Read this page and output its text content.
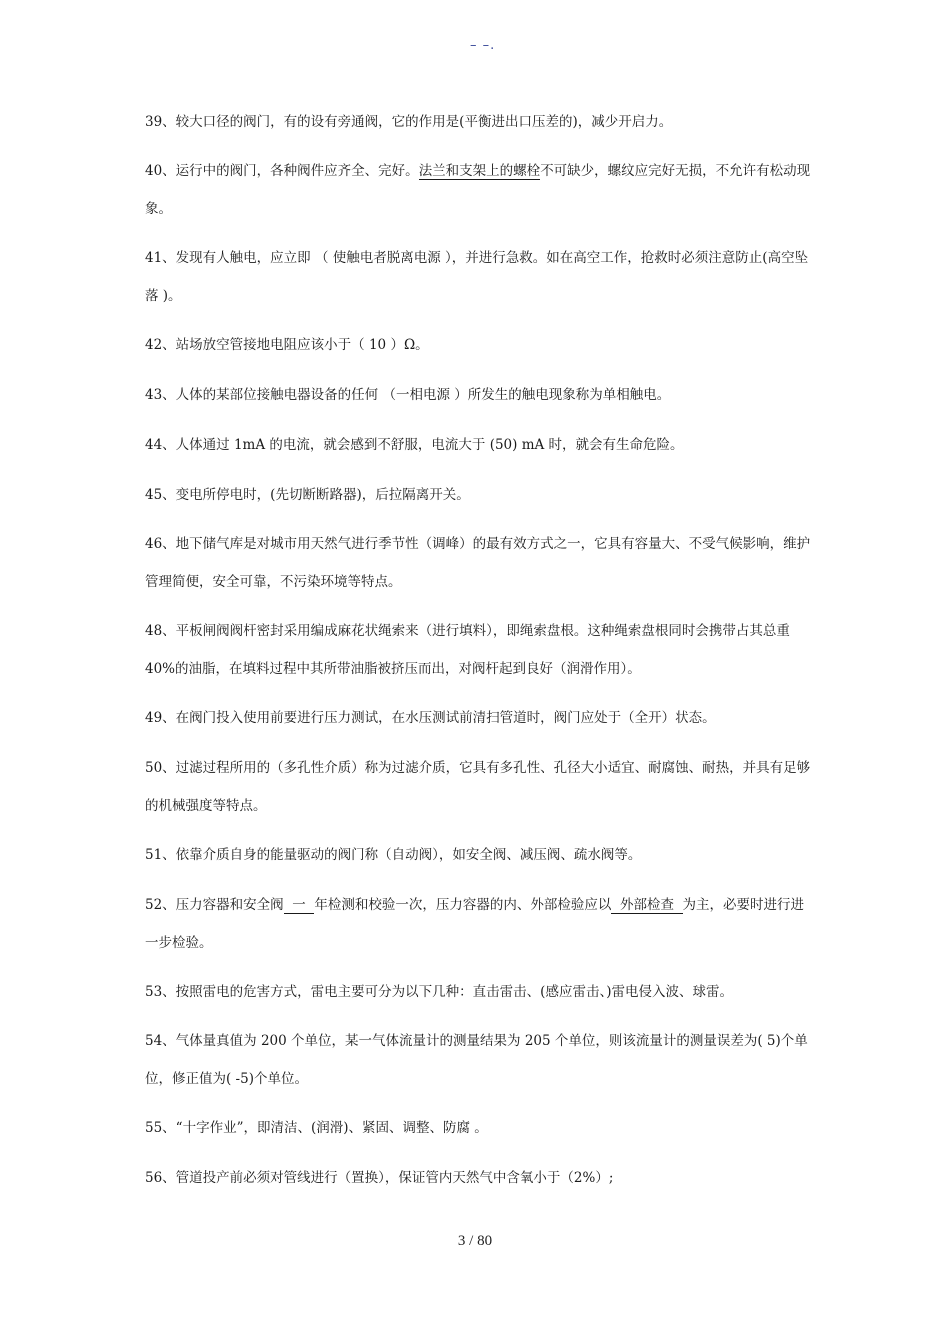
– –.
39、较大口径的阀门，有的设有旁通阀，它的作用是(平衡进出口压差的)，减少开启力。
40、运行中的阀门，各种阀件应齐全、完好。法兰和支架上的螺栓不可缺少，螺纹应完好无损，不允许有松动现象。
41、发现有人触电，应立即 （ 使触电者脱离电源 ），并进行急救。如在高空工作，抢救时必须注意防止(高空坠落 )。
42、站场放空管接地电阻应该小于（ 10 ）Ω。
43、人体的某部位接触电器设备的任何 （一相电源 ）所发生的触电现象称为单相触电。
44、人体通过 1mA 的电流，就会感到不舒服，电流大于 (50) mA 时，就会有生命危险。
45、变电所停电时，(先切断断路器)，后拉隔离开关。
46、地下储气库是对城市用天然气进行季节性（调峰）的最有效方式之一，它具有容量大、不受气候影响，维护管理简便，安全可靠，不污染环境等特点。
48、平板闸阀阀杆密封采用编成麻花状绳索来（进行填料），即绳索盘根。这种绳索盘根同时会携带占其总重 40%的油脂，在填料过程中其所带油脂被挤压而出，对阀杆起到良好（润滑作用）。
49、在阀门投入使用前要进行压力测试，在水压测试前清扫管道时，阀门应处于（全开）状态。
50、过滤过程所用的（多孔性介质）称为过滤介质，它具有多孔性、孔径大小适宜、耐腐蚀、耐热，并具有足够的机械强度等特点。
51、依靠介质自身的能量驱动的阀门称（自动阀），如安全阀、减压阀、疏水阀等。
52、压力容器和安全阀  一  年检测和校验一次，压力容器的内、外部检验应以  外部检查  为主，必要时进行进一步检验。
53、按照雷电的危害方式，雷电主要可分为以下几种：直击雷击、(感应雷击、)雷电侵入波、球雷。
54、气体量真值为 200 个单位，某一气体流量计的测量结果为 205 个单位，则该流量计的测量误差为( 5)个单位，修正值为( -5)个单位。
55、“十字作业”，即清洁、(润滑)、紧固、调整、防腐 。
56、管道投产前必须对管线进行（置换），保证管内天然气中含氧小于（2%）;
3 / 80
